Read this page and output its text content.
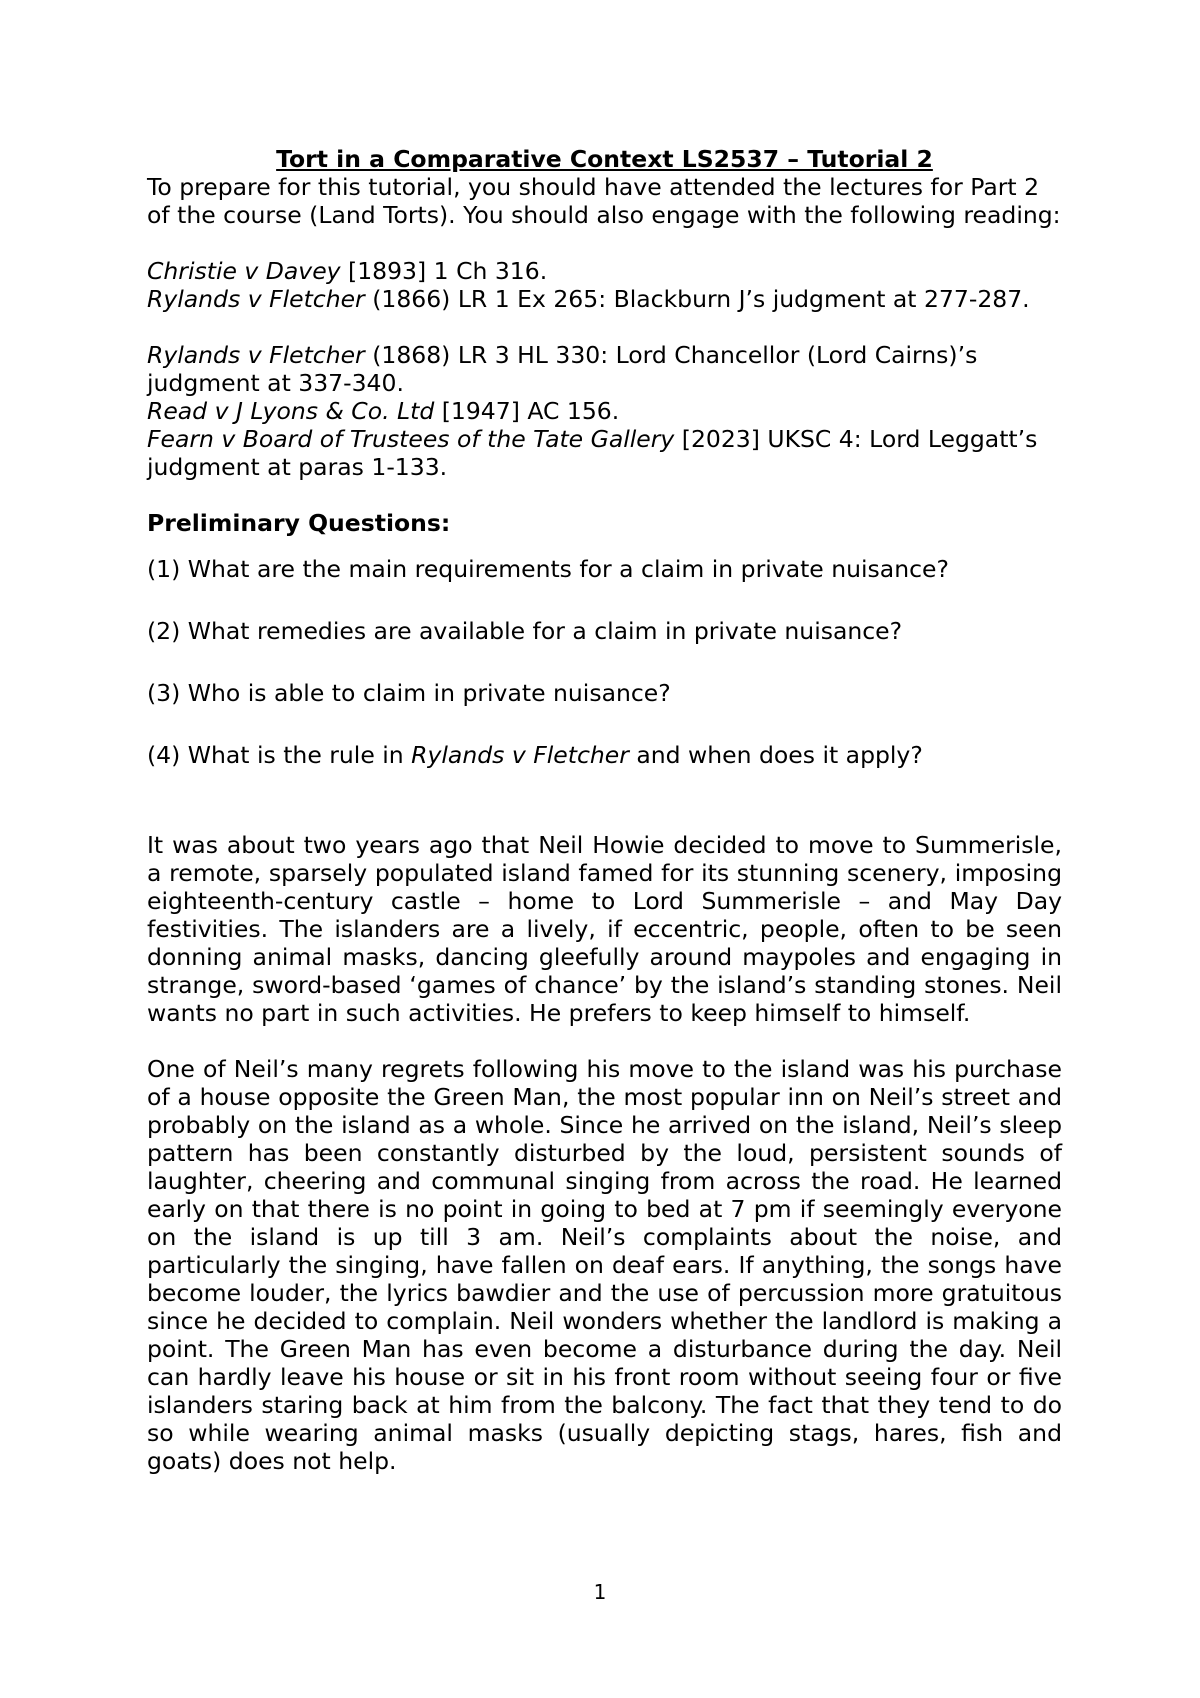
Tort in a Comparative Context LS2537 – Tutorial 2

To prepare for this tutorial, you should have attended the lectures for Part 2 of the course (Land Torts). You should also engage with the following reading:

Christie v Davey [1893] 1 Ch 316.

Rylands v Fletcher (1866) LR 1 Ex 265: Blackburn J’s judgment at 277-287.

Rylands v Fletcher (1868) LR 3 HL 330: Lord Chancellor (Lord Cairns)’s judgment at 337-340.

Read v J Lyons & Co. Ltd [1947] AC 156.

Fearn v Board of Trustees of the Tate Gallery [2023] UKSC 4: Lord Leggatt’s judgment at paras 1-133.

Preliminary Questions:

(1) What are the main requirements for a claim in private nuisance?

(2) What remedies are available for a claim in private nuisance?

(3) Who is able to claim in private nuisance?

(4) What is the rule in Rylands v Fletcher and when does it apply?

It was about two years ago that Neil Howie decided to move to Summerisle, a remote, sparsely populated island famed for its stunning scenery, imposing eighteenth-century castle – home to Lord Summerisle – and May Day festivities. The islanders are a lively, if eccentric, people, often to be seen donning animal masks, dancing gleefully around maypoles and engaging in strange, sword-based ‘games of chance’ by the island’s standing stones. Neil wants no part in such activities. He prefers to keep himself to himself.

One of Neil’s many regrets following his move to the island was his purchase of a house opposite the Green Man, the most popular inn on Neil’s street and probably on the island as a whole. Since he arrived on the island, Neil’s sleep pattern has been constantly disturbed by the loud, persistent sounds of laughter, cheering and communal singing from across the road. He learned early on that there is no point in going to bed at 7 pm if seemingly everyone on the island is up till 3 am. Neil’s complaints about the noise, and particularly the singing, have fallen on deaf ears. If anything, the songs have become louder, the lyrics bawdier and the use of percussion more gratuitous since he decided to complain. Neil wonders whether the landlord is making a point. The Green Man has even become a disturbance during the day. Neil can hardly leave his house or sit in his front room without seeing four or five islanders staring back at him from the balcony. The fact that they tend to do so while wearing animal masks (usually depicting stags, hares, fish and goats) does not help.

1
